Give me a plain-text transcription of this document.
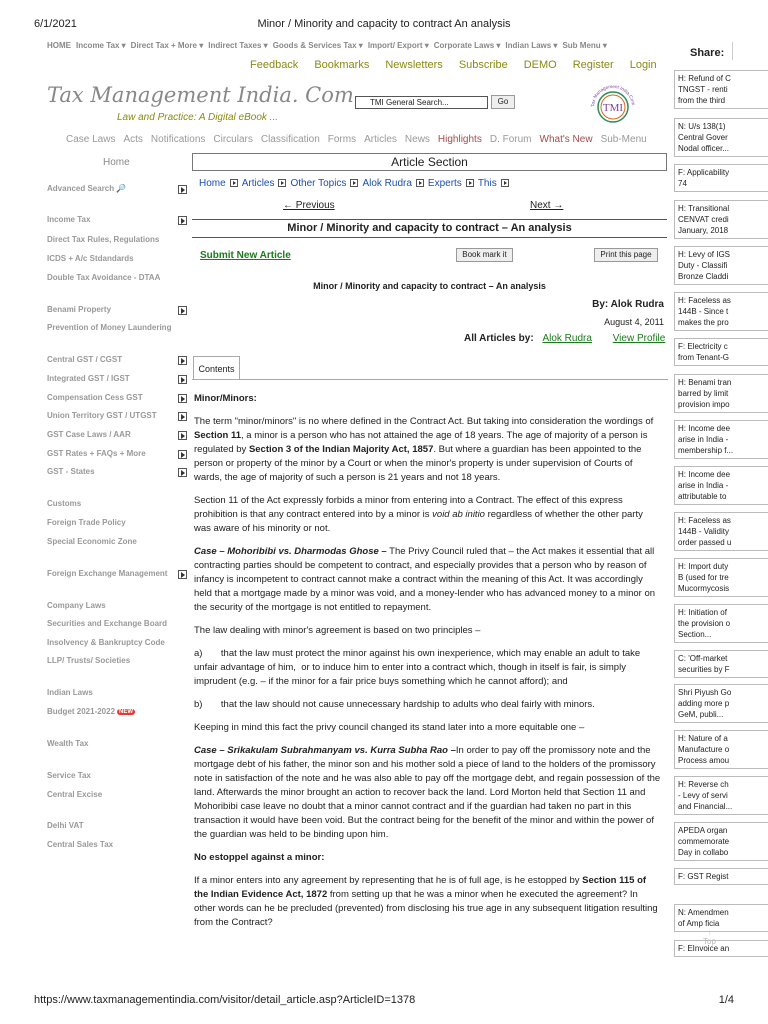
6/1/2021	Minor / Minority and capacity to contract An analysis
https://www.taxmanagementindia.com/visitor/detail_article.asp?ArticleID=1378	1/4
HOME Income Tax ▾ Direct Tax + More ▾ Indirect Taxes ▾ Goods & Services Tax ▾ Import/ Export ▾ Corporate Laws ▾ Indian Laws ▾ Sub Menu ▾
Share:
Feedback Bookmarks Newsletters Subscribe DEMO Register Login
Tax Management India. Com
Law and Practice: A Digital eBook ...
TMI General Search...	Go	Tax Management India.Com
TMI
Case Laws Acts Notifications Circulars Classification Forms Articles News Highlights D. Forum What's New Sub-Menu
Home	Article Section
Advanced Search 🔎
Income Tax
Direct Tax Rules, Regulations
ICDS + A/c Stdandards
Double Tax Avoidance - DTAA
Benami Property
Prevention of Money Laundering
Central GST / CGST
Integrated GST / IGST
Compensation Cess GST
Union Territory GST / UTGST
GST Case Laws / AAR
GST Rates + FAQs + More
GST - States
Customs
Foreign Trade Policy
Special Economic Zone
Foreign Exchange Management
Company Laws
Securities and Exchange Board
Insolvency & Bankruptcy Code
LLP/ Trusts/ Societies
Indian Laws
Budget 2021-2022 NEW
Wealth Tax
Service Tax
Central Excise
Delhi VAT
Central Sales Tax
Home Articles Other Topics Alok Rudra Experts This
← Previous	Next →
Minor / Minority and capacity to contract – An analysis
Submit New Article	Book mark it	Print this page
Minor / Minority and capacity to contract – An analysis
By: Alok Rudra
August 4, 2011
All Articles by: Alok Rudra View Profile
Contents

Minor/Minors:

The term "minor/minors" is no where defined in the Contract Act. But taking into consideration the wordings of Section 11, a minor is a person who has not attained the age of 18 years. The age of majority of a person is regulated by Section 3 of the Indian Majority Act, 1857. But where a guardian has been appointed to the person or property of the minor by a Court or when the minor's property is under supervision of Courts of wards, the age of majority of such a person is 21 years and not 18 years.

Section 11 of the Act expressly forbids a minor from entering into a Contract. The effect of this express prohibition is that any contract entered into by a minor is void ab initio regardless of whether the other party was aware of his minority or not.

Case – Mohoribibi vs. Dharmodas Ghose – The Privy Council ruled that – the Act makes it essential that all contracting parties should be competent to contract, and especially provides that a person who by reason of infancy is incompetent to contract cannot make a contract within the meaning of this Act. It was accordingly held that a mortgage made by a minor was void, and a money-lender who has advanced money to a minor on the security of the mortgage is not entitled to repayment.

The law dealing with minor's agreement is based on two principles –

a)       that the law must protect the minor against his own inexperience, which may enable an adult to take unfair advantage of him,  or to induce him to enter into a contract which, though in itself is fair, is simply imprudent (e.g. – if the minor for a fair price buys something which he cannot afford); and

b)       that the law should not cause unnecessary hardship to adults who deal fairly with minors.

Keeping in mind this fact the privy council changed its stand later into a more equitable one –

Case – Srikakulam Subrahmanyam vs. Kurra Subha Rao –In order to pay off the promissory note and the mortgage debt of his father, the minor son and his mother sold a piece of land to the holders of the promissory note in satisfaction of the note and he was also able to pay off the mortgage debt, and regain possession of the land. Afterwards the minor brought an action to recover back the land. Lord Morton held that Section 11 and Mohoribibi case leave no doubt that a minor cannot contract and if the guardian had taken no part in this transaction it would have been void. But the contract being for the benefit of the minor and within the power of the guardian was held to be binding upon him.

No estoppel against a minor:

If a minor enters into any agreement by representing that he is of full age, is he estopped by Section 115 of the Indian Evidence Act, 1872 from setting up that he was a minor when he executed the agreement? In other words can he be precluded (prevented) from disclosing his true age in any subsequent litigation resulting from the Contract?

H: Refund of C
TNGST - renti
from the third
N: U/s 138(1)
Central Gover
Nodal officer...
F: Applicability
74
H: Transitional
CENVAT credi
January, 2018
H: Levy of IGS
Duty - Classifi
Bronze Claddi
H: Faceless as
144B - Since t
makes the pro
F: Electricity c
from Tenant-G
H: Benami tran
barred by limit
provision impo
H: Income dee
arise in India -
membership f...
H: Income dee
arise in India -
attributable to
H: Faceless as
144B - Validity
order passed u
H: Import duty
B (used for tre
Mucormycosis
H: Initiation of
the provision o
Section...
C: 'Off-market
securities by F
Shri Piyush Go
adding more p
GeM, publi...
H: Nature of a
Manufacture o
Process amou
H: Reverse ch
- Levy of servi
and Financial...
APEDA organ
commemorate
Day in collabo
F: GST Regist
N: Amendmen
of Amp ficia
F: EInvoice an
↑
Top
